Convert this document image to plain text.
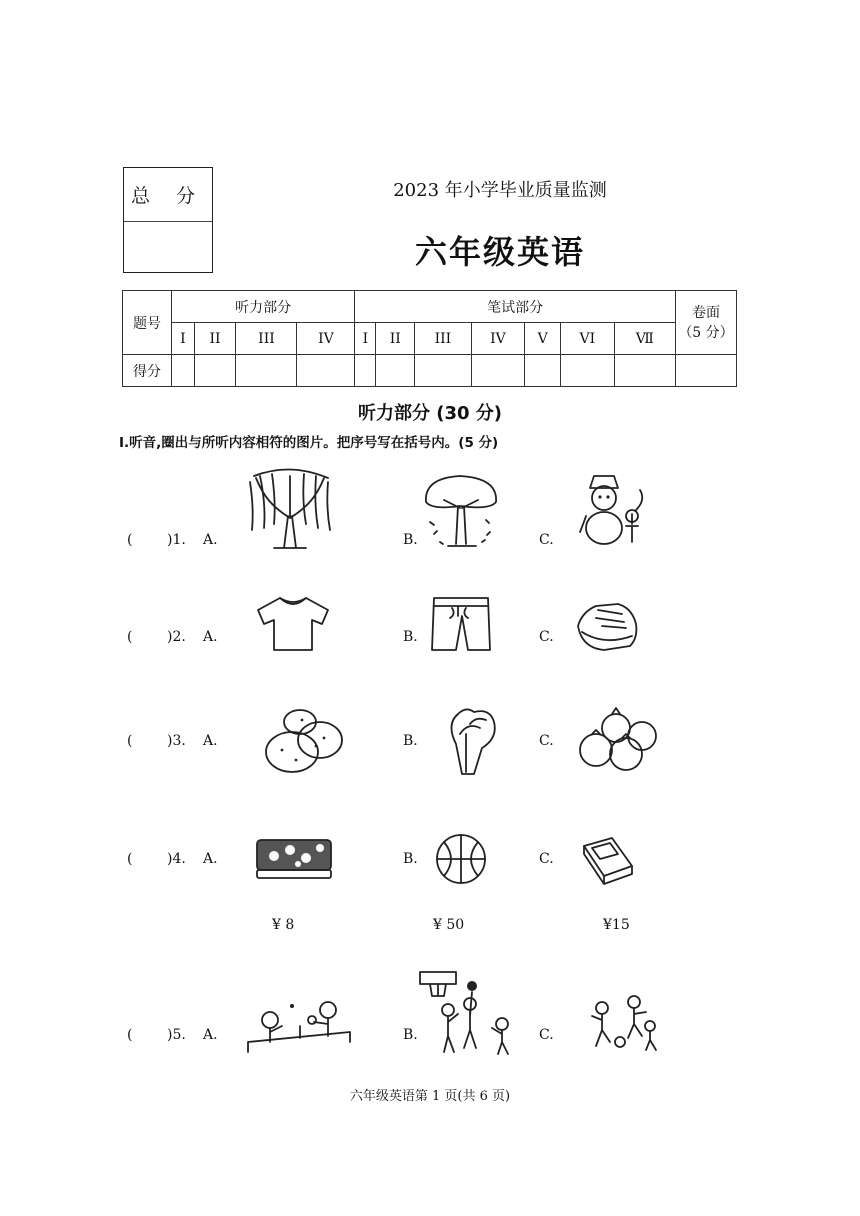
总 分	2023 年小学毕业质量监测
六年级英语
题号	听力部分				笔试部分							卷面
（5 分）
	I	II	III	IV	I	II	III	IV	V	VI	Ⅶ	
得分												
听力部分 (30 分)
I.听音,圈出与所听内容相符的图片。把序号写在括号内。(5 分)
( )1. A.	B.	C.
( )2. A.	B.	C.
( )3. A.	B.	C.
( )4. A.	B.	C.
¥ 8	¥ 50	¥15
( )5. A.	B.	C.
六年级英语第 1 页(共 6 页)
